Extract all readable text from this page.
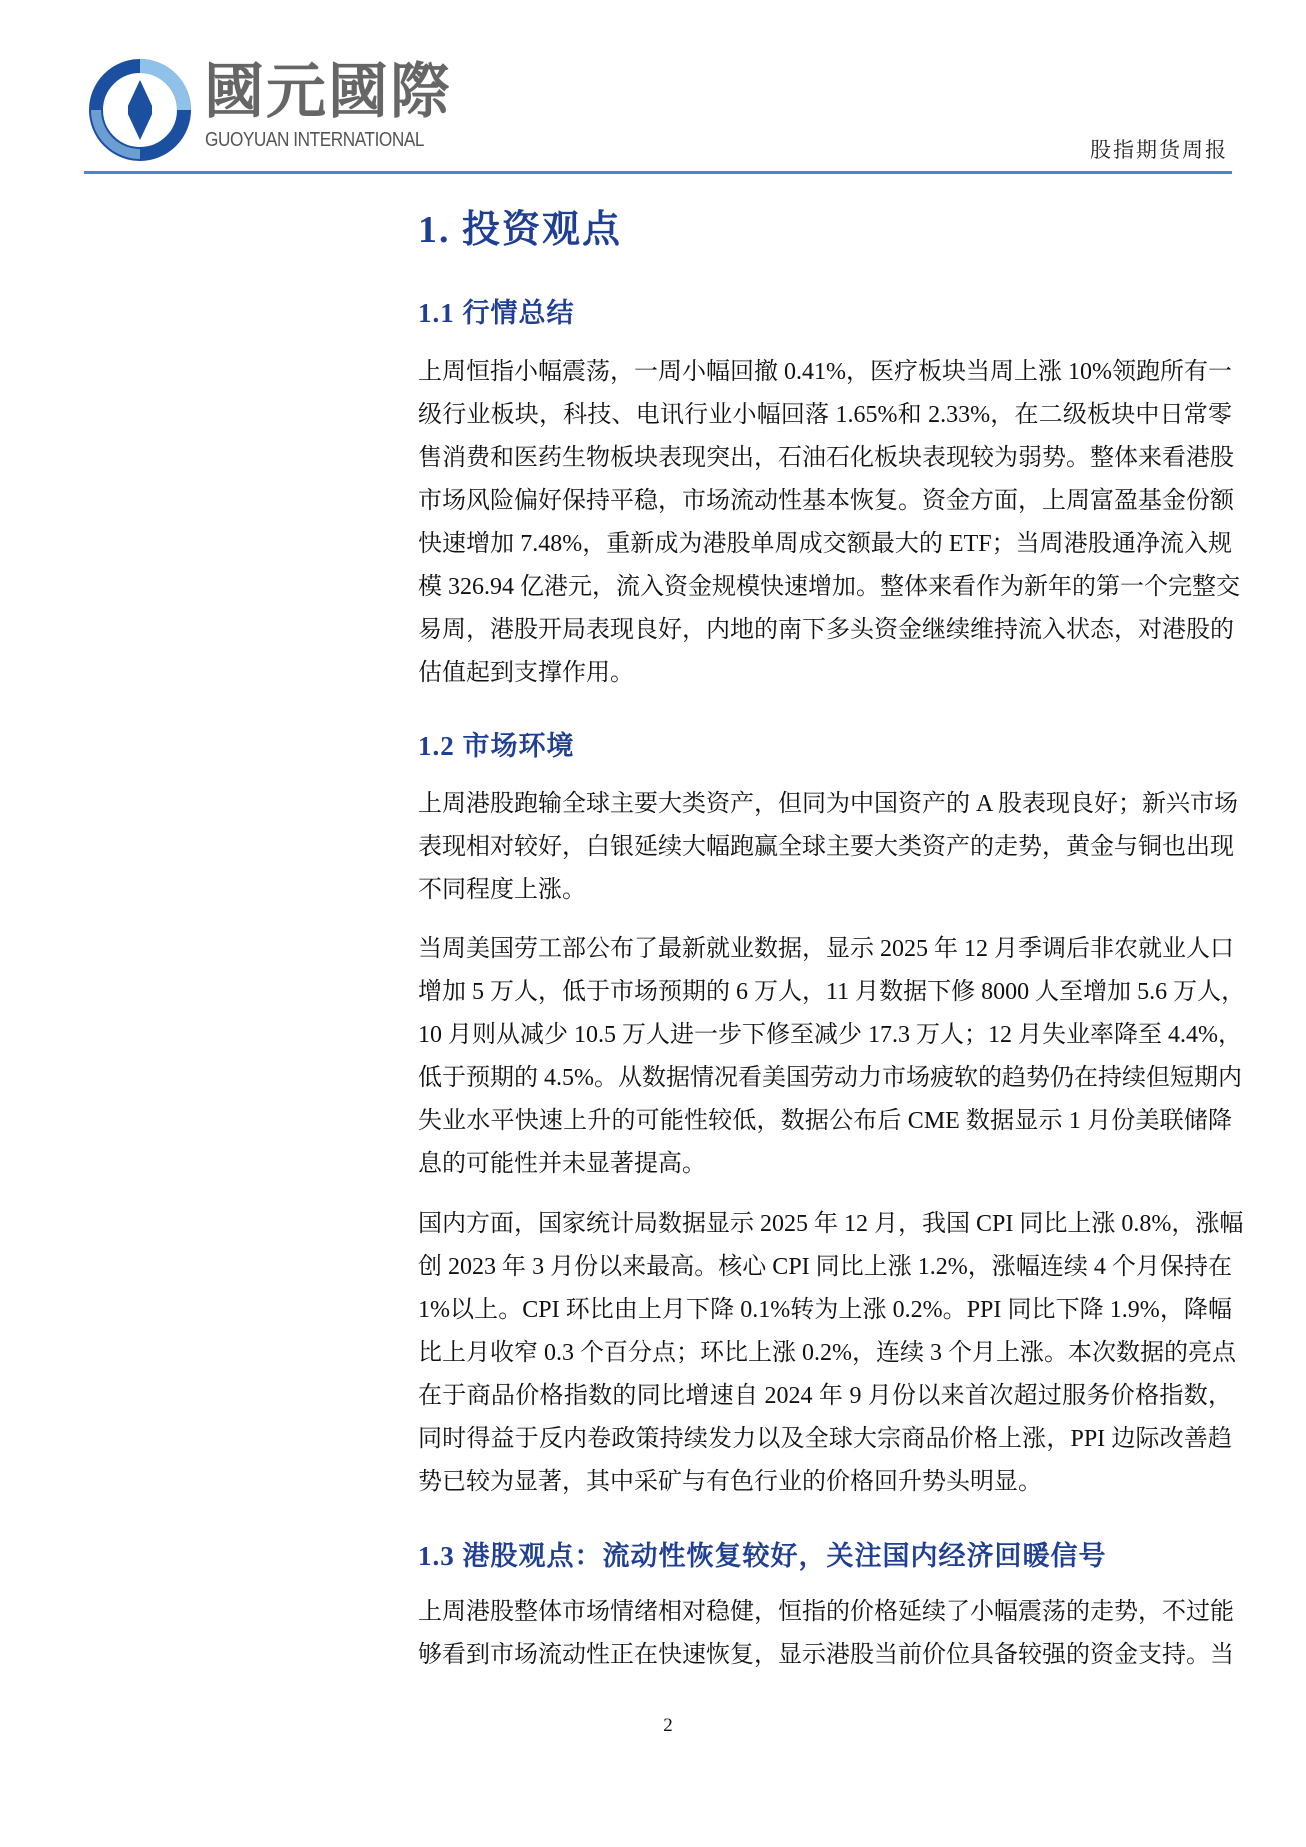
國元國際
GUOYUAN INTERNATIONAL	股指期货周报
1. 投资观点
1.1 行情总结
上周恒指小幅震荡，一周小幅回撤 0.41%，医疗板块当周上涨 10%领跑所有一
级行业板块，科技、电讯行业小幅回落 1.65%和 2.33%，在二级板块中日常零
售消费和医药生物板块表现突出，石油石化板块表现较为弱势。整体来看港股
市场风险偏好保持平稳，市场流动性基本恢复。资金方面，上周富盈基金份额
快速增加 7.48%，重新成为港股单周成交额最大的 ETF；当周港股通净流入规
模 326.94 亿港元，流入资金规模快速增加。整体来看作为新年的第一个完整交
易周，港股开局表现良好，内地的南下多头资金继续维持流入状态，对港股的
估值起到支撑作用。
1.2 市场环境
上周港股跑输全球主要大类资产，但同为中国资产的 A 股表现良好；新兴市场
表现相对较好，白银延续大幅跑赢全球主要大类资产的走势，黄金与铜也出现
不同程度上涨。
当周美国劳工部公布了最新就业数据，显示 2025 年 12 月季调后非农就业人口
增加 5 万人，低于市场预期的 6 万人，11 月数据下修 8000 人至增加 5.6 万人，
10 月则从减少 10.5 万人进一步下修至减少 17.3 万人；12 月失业率降至 4.4%，
低于预期的 4.5%。从数据情况看美国劳动力市场疲软的趋势仍在持续但短期内
失业水平快速上升的可能性较低，数据公布后 CME 数据显示 1 月份美联储降
息的可能性并未显著提高。
国内方面，国家统计局数据显示 2025 年 12 月，我国 CPI 同比上涨 0.8%，涨幅
创 2023 年 3 月份以来最高。核心 CPI 同比上涨 1.2%，涨幅连续 4 个月保持在
1%以上。CPI 环比由上月下降 0.1%转为上涨 0.2%。PPI 同比下降 1.9%，降幅
比上月收窄 0.3 个百分点；环比上涨 0.2%，连续 3 个月上涨。本次数据的亮点
在于商品价格指数的同比增速自 2024 年 9 月份以来首次超过服务价格指数，
同时得益于反内卷政策持续发力以及全球大宗商品价格上涨，PPI 边际改善趋
势已较为显著，其中采矿与有色行业的价格回升势头明显。
1.3 港股观点：流动性恢复较好，关注国内经济回暖信号
上周港股整体市场情绪相对稳健，恒指的价格延续了小幅震荡的走势，不过能
够看到市场流动性正在快速恢复，显示港股当前价位具备较强的资金支持。当
2
